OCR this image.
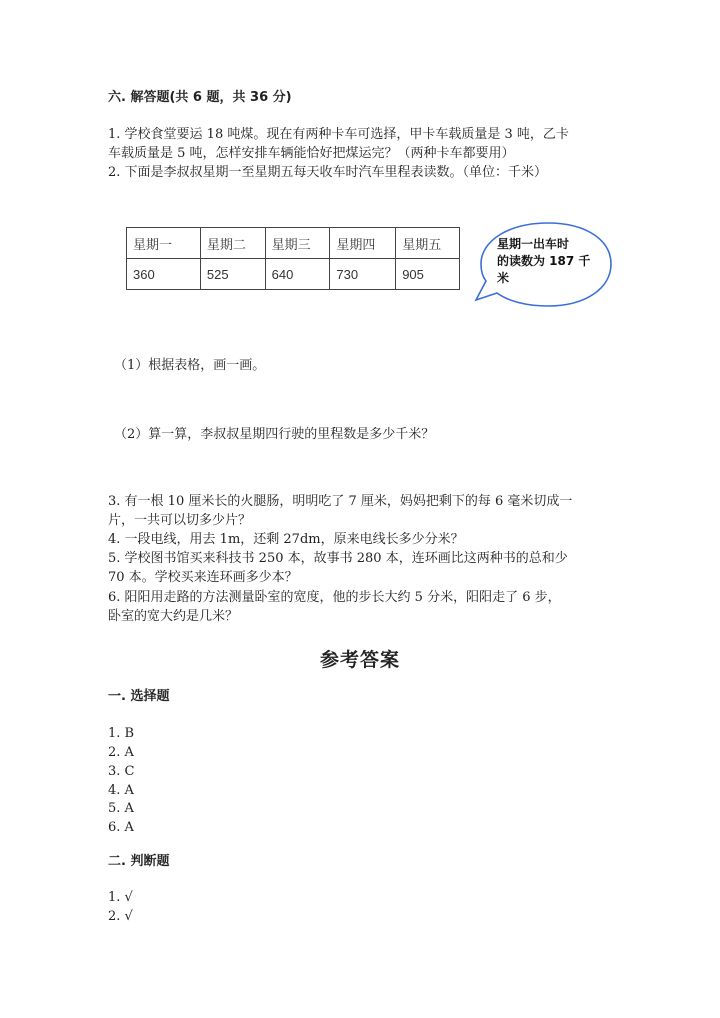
六. 解答题(共 6 题，共 36 分)
1. 学校食堂要运 18 吨煤。现在有两种卡车可选择，甲卡车载质量是 3 吨，乙卡
车载质量是 5 吨，怎样安排车辆能恰好把煤运完？（两种卡车都要用）
2. 下面是李叔叔星期一至星期五每天收车时汽车里程表读数。（单位：千米）
星期一	星期二	星期三	星期四	星期五
360	525	640	730	905
星期一出车时
的读数为 187 千
米
（1）根据表格，画一画。
（2）算一算，李叔叔星期四行驶的里程数是多少千米？
3. 有一根 10 厘米长的火腿肠，明明吃了 7 厘米，妈妈把剩下的每 6 毫米切成一
片，一共可以切多少片？
4. 一段电线，用去 1m，还剩 27dm，原来电线长多少分米？
5. 学校图书馆买来科技书 250 本，故事书 280 本，连环画比这两种书的总和少
70 本。学校买来连环画多少本？
6. 阳阳用走路的方法测量卧室的宽度，他的步长大约 5 分米，阳阳走了 6 步，
卧室的宽大约是几米？
参考答案
一. 选择题
1. B
2. A
3. C
4. A
5. A
6. A
二. 判断题
1. √
2. √
